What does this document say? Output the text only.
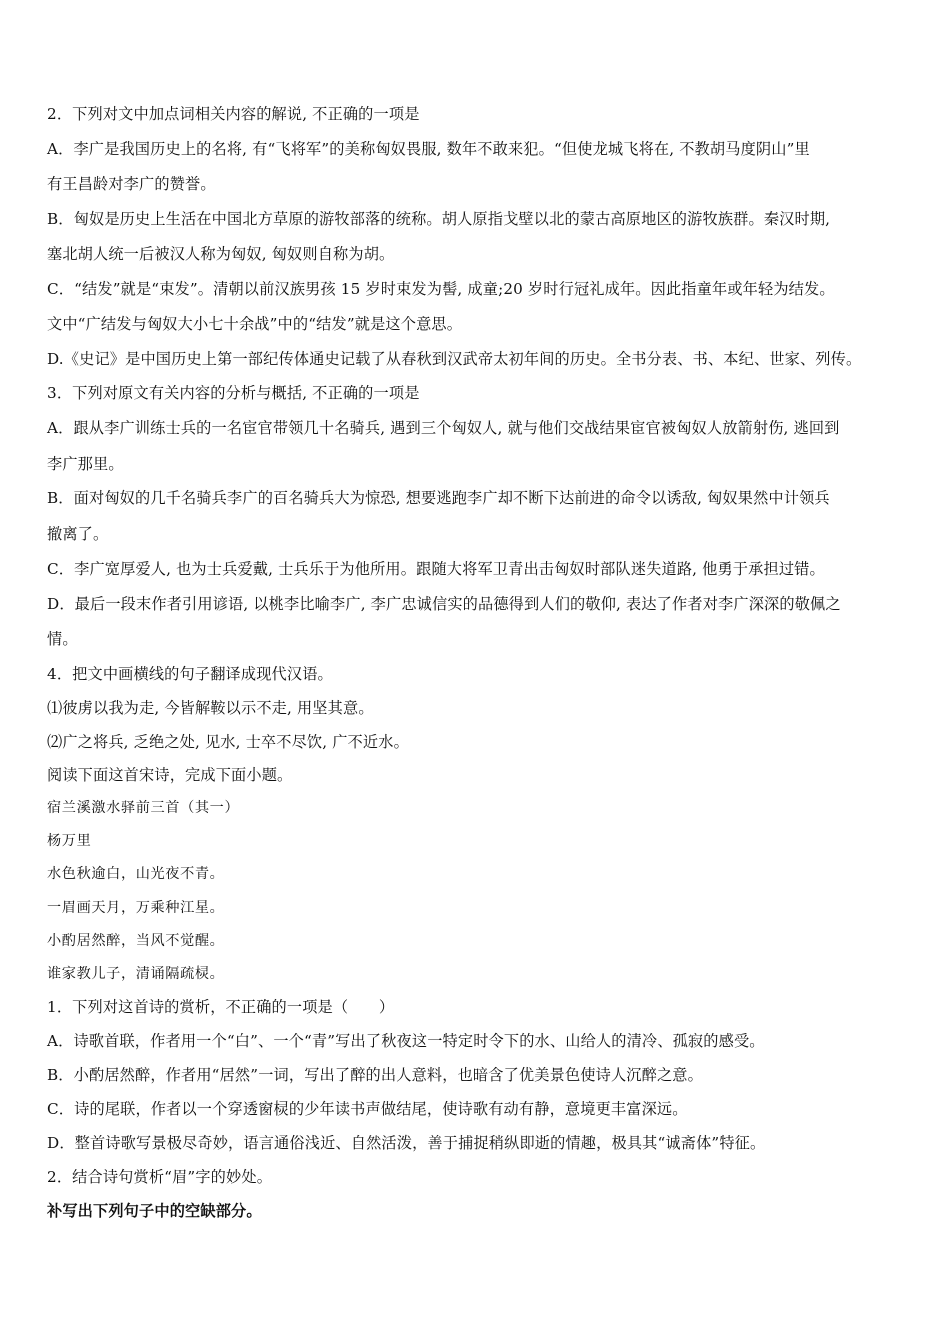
2．下列对文中加点词相关内容的解说, 不正确的一项是
A．李广是我国历史上的名将, 有“飞将军”的美称匈奴畏服, 数年不敢来犯。“但使龙城飞将在, 不教胡马度阴山”里
有王昌龄对李广的赞誉。
B．匈奴是历史上生活在中国北方草原的游牧部落的统称。胡人原指戈壁以北的蒙古高原地区的游牧族群。秦汉时期,
塞北胡人统一后被汉人称为匈奴, 匈奴则自称为胡。
C．“结发”就是“束发”。清朝以前汉族男孩 15 岁时束发为髻, 成童;20 岁时行冠礼成年。因此指童年或年轻为结发。
文中“广结发与匈奴大小七十余战”中的“结发”就是这个意思。
D.《史记》是中国历史上第一部纪传体通史记载了从春秋到汉武帝太初年间的历史。全书分表、书、本纪、世家、列传。
3．下列对原文有关内容的分析与概括, 不正确的一项是
A．跟从李广训练士兵的一名宦官带领几十名骑兵, 遇到三个匈奴人, 就与他们交战结果宦官被匈奴人放箭射伤, 逃回到
李广那里。
B．面对匈奴的几千名骑兵李广的百名骑兵大为惊恐, 想要逃跑李广却不断下达前进的命令以诱敌, 匈奴果然中计领兵
撤离了。
C．李广宽厚爱人, 也为士兵爱戴, 士兵乐于为他所用。跟随大将军卫青出击匈奴时部队迷失道路, 他勇于承担过错。
D．最后一段末作者引用谚语, 以桃李比喻李广, 李广忠诚信实的品德得到人们的敬仰, 表达了作者对李广深深的敬佩之
情。
4．把文中画横线的句子翻译成现代汉语。
⑴彼虏以我为走, 今皆解鞍以示不走, 用坚其意。
⑵广之将兵, 乏绝之处, 见水, 士卒不尽饮, 广不近水。
阅读下面这首宋诗，完成下面小题。
宿兰溪激水驿前三首（其一）
杨万里
水色秋逾白，山光夜不青。
一眉画天月，万乘种江星。
小酌居然醉，当风不觉醒。
谁家教儿子，清诵隔疏棂。
1．下列对这首诗的赏析，不正确的一项是（　　）
A．诗歌首联，作者用一个“白”、一个“青”写出了秋夜这一特定时令下的水、山给人的清冷、孤寂的感受。
B．小酌居然醉，作者用“居然”一词，写出了醉的出人意料，也暗含了优美景色使诗人沉醉之意。
C．诗的尾联，作者以一个穿透窗棂的少年读书声做结尾，使诗歌有动有静，意境更丰富深远。
D．整首诗歌写景极尽奇妙，语言通俗浅近、自然活泼，善于捕捉稍纵即逝的情趣，极具其“诚斋体”特征。
2．结合诗句赏析“眉”字的妙处。
补写出下列句子中的空缺部分。
